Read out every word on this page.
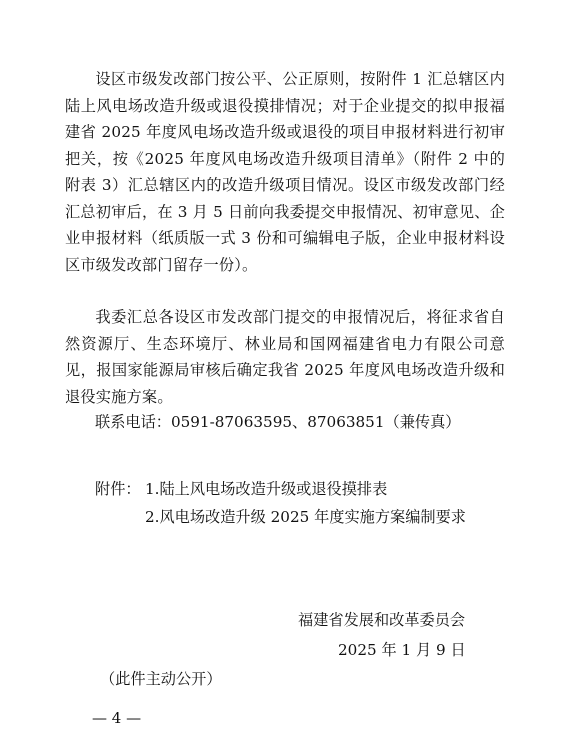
设区市级发改部门按公平、公正原则，按附件 1 汇总辖区内陆上风电场改造升级或退役摸排情况；对于企业提交的拟申报福建省 2025 年度风电场改造升级或退役的项目申报材料进行初审把关，按《2025 年度风电场改造升级项目清单》（附件 2 中的附表 3）汇总辖区内的改造升级项目情况。设区市级发改部门经汇总初审后，在 3 月 5 日前向我委提交申报情况、初审意见、企业申报材料（纸质版一式 3 份和可编辑电子版，企业申报材料设区市级发改部门留存一份）。
我委汇总各设区市发改部门提交的申报情况后，将征求省自然资源厅、生态环境厅、林业局和国网福建省电力有限公司意见，报国家能源局审核后确定我省 2025 年度风电场改造升级和退役实施方案。
联系电话：0591-87063595、87063851（兼传真）
附件： 1.陆上风电场改造升级或退役摸排表
2.风电场改造升级 2025 年度实施方案编制要求
福建省发展和改革委员会
2025 年 1 月 9 日
（此件主动公开）
— 4 —
